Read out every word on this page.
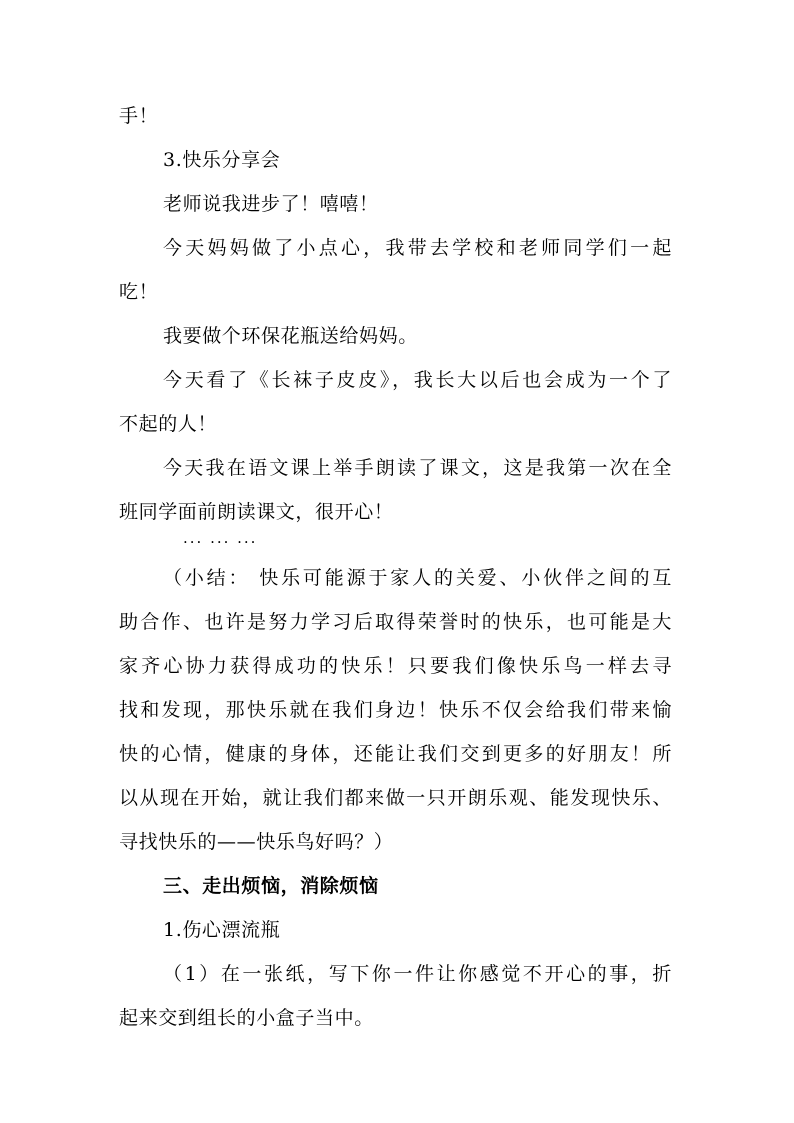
手！
3.快乐分享会
老师说我进步了！嘻嘻！
今天妈妈做了小点心，我带去学校和老师同学们一起
吃！
我要做个环保花瓶送给妈妈。
今天看了《长袜子皮皮》，我长大以后也会成为一个了
不起的人！
今天我在语文课上举手朗读了课文，这是我第一次在全
班同学面前朗读课文，很开心！
... ... ...
（小结： 快乐可能源于家人的关爱、小伙伴之间的互
助合作、也许是努力学习后取得荣誉时的快乐，也可能是大
家齐心协力获得成功的快乐！只要我们像快乐鸟一样去寻
找和发现，那快乐就在我们身边！快乐不仅会给我们带来愉
快的心情，健康的身体，还能让我们交到更多的好朋友！所
以从现在开始，就让我们都来做一只开朗乐观、能发现快乐、
寻找快乐的——快乐鸟好吗？）
三、走出烦恼，消除烦恼
1.伤心漂流瓶
（1）在一张纸，写下你一件让你感觉不开心的事，折
起来交到组长的小盒子当中。
